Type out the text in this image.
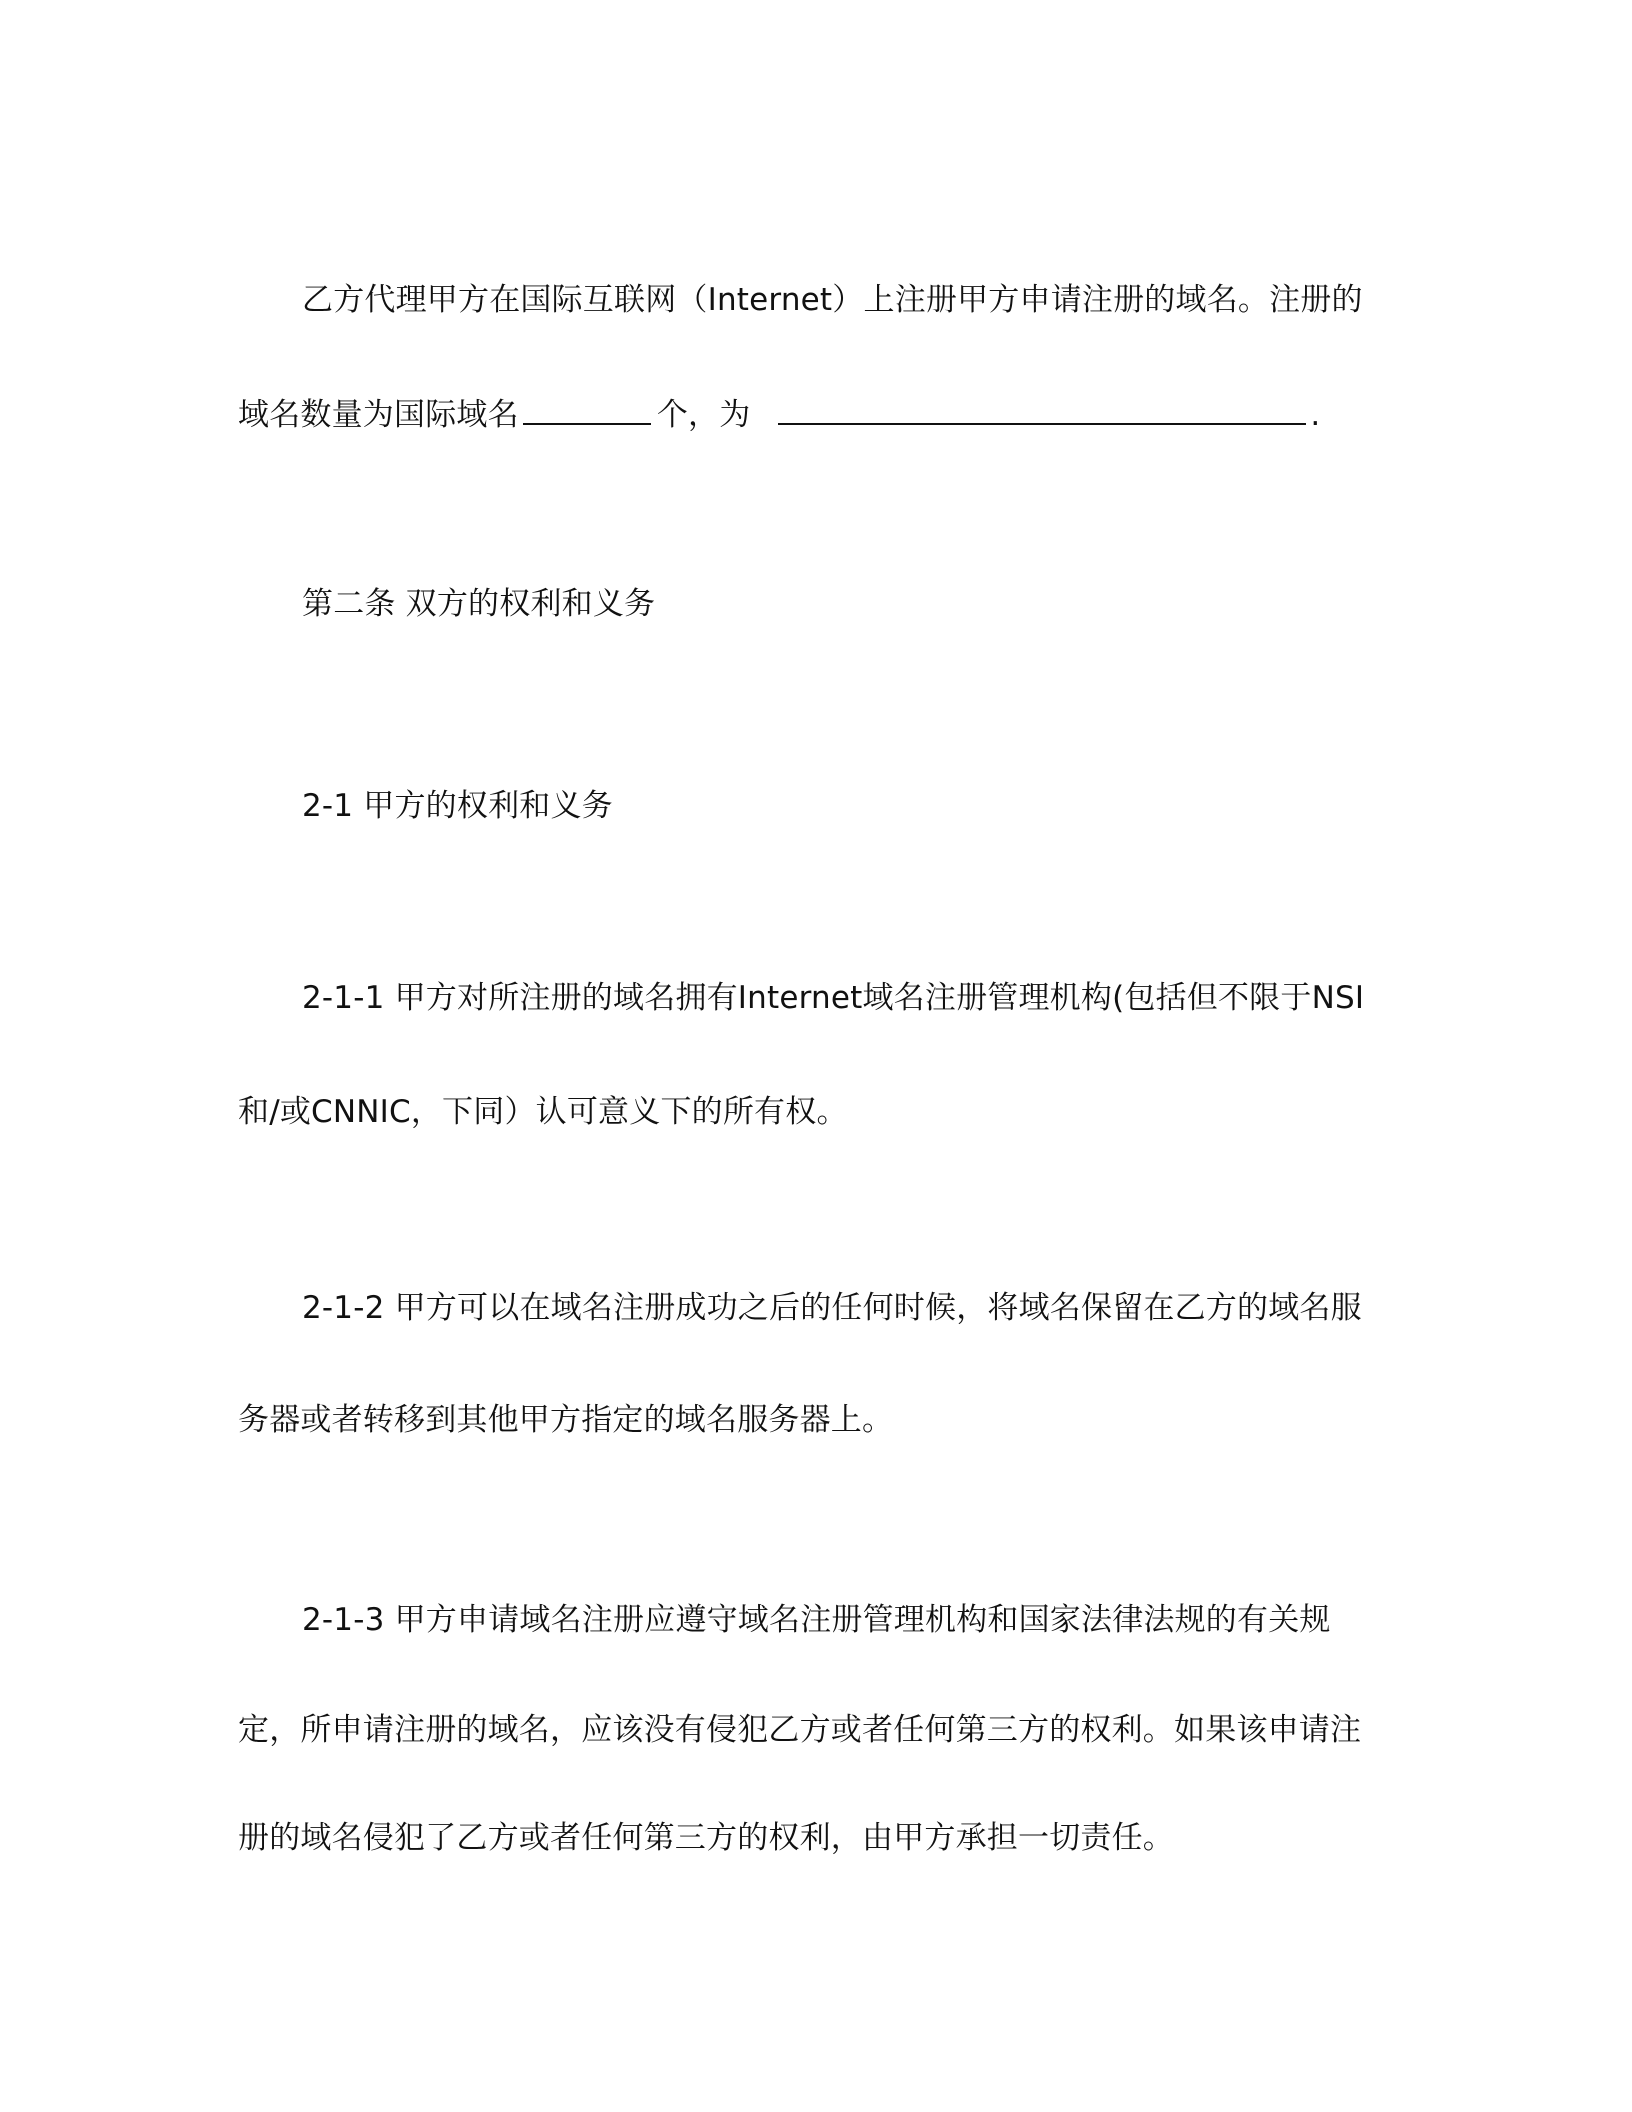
乙方代理甲方在国际互联网（Internet）上注册甲方申请注册的域名。注册的
域名数量为国际域名	个，为	.
第二条 双方的权利和义务
2-1 甲方的权利和义务
2-1-1 甲方对所注册的域名拥有Internet域名注册管理机构(包括但不限于NSI
和/或CNNIC，下同）认可意义下的所有权。
2-1-2 甲方可以在域名注册成功之后的任何时候，将域名保留在乙方的域名服
务器或者转移到其他甲方指定的域名服务器上。
2-1-3 甲方申请域名注册应遵守域名注册管理机构和国家法律法规的有关规
定，所申请注册的域名，应该没有侵犯乙方或者任何第三方的权利。如果该申请注
册的域名侵犯了乙方或者任何第三方的权利，由甲方承担一切责任。
